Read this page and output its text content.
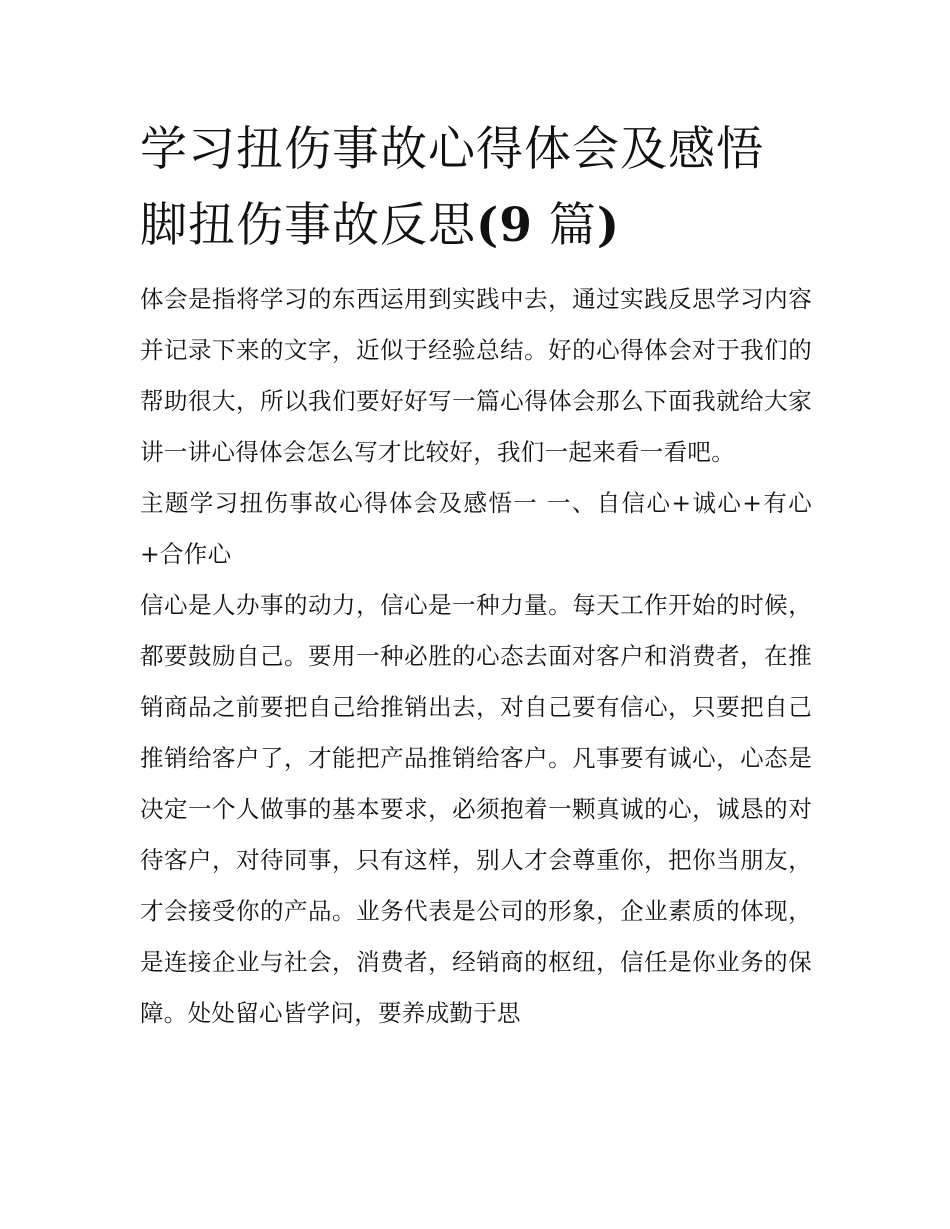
学习扭伤事故心得体会及感悟
脚扭伤事故反思(9 篇)

体会是指将学习的东西运用到实践中去，通过实践反思学习内容并记录下来的文字，近似于经验总结。好的心得体会对于我们的帮助很大，所以我们要好好写一篇心得体会那么下面我就给大家讲一讲心得体会怎么写才比较好，我们一起来看一看吧。

主题学习扭伤事故心得体会及感悟一 一、自信心+诚心+有心+合作心

信心是人办事的动力，信心是一种力量。每天工作开始的时候，都要鼓励自己。要用一种必胜的心态去面对客户和消费者，在推销商品之前要把自己给推销出去，对自己要有信心，只要把自己推销给客户了，才能把产品推销给客户。凡事要有诚心，心态是决定一个人做事的基本要求，必须抱着一颗真诚的心，诚恳的对待客户，对待同事，只有这样，别人才会尊重你，把你当朋友，才会接受你的产品。业务代表是公司的形象，企业素质的体现，是连接企业与社会，消费者，经销商的枢纽，信任是你业务的保障。处处留心皆学问，要养成勤于思
